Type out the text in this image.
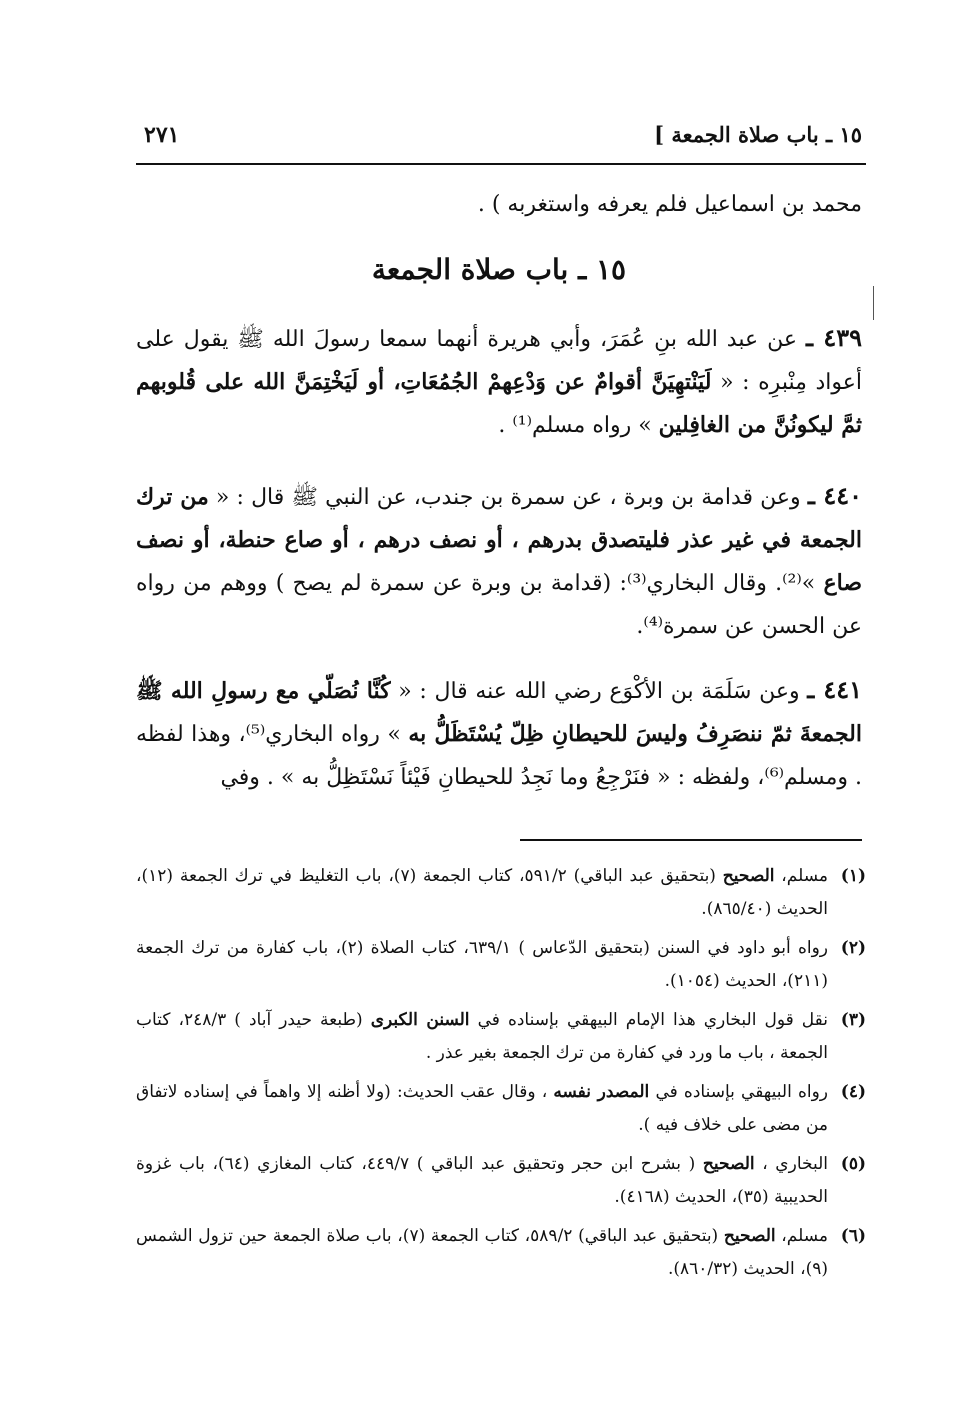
١٥ ـ باب صلاة الجمعة ]
٢٧١
محمد بن اسماعيل فلم يعرفه واستغربه ) .
١٥ ـ باب صلاة الجمعة

٤٣٩ ـ عن عبد الله بنِ عُمَرَ، وأبي هريرة أنهما سمعا رسولَ الله ﷺ يقول على أعواد مِنْبرِه : « لَيَنْتهِيَنَّ أقوامٌ عن وَدْعِهمْ الجُمُعَاتِ، أو لَيَخْتِمَنَّ الله على قُلوبهم ثمَّ ليكونُنَّ من الغافِلين » رواه مسلم⁽¹⁾ .

٤٤٠ ـ وعن قدامة بن وبرة ، عن سمرة بن جندب، عن النبي ﷺ قال : « من ترك الجمعة في غير عذر فليتصدق بدرهم ، أو نصف درهم ، أو صاع حنطة، أو نصف صاع »⁽²⁾. وقال البخاري⁽³⁾: (قدامة بن وبرة عن سمرة لم يصح ) ووهم من رواه عن الحسن عن سمرة⁽⁴⁾.

٤٤١ ـ وعن سَلَمَة بن الأكْوَع رضي الله عنه قال : « كُنَّا نُصَلّي مع رسولِ الله ﷺ الجمعةَ ثمّ ننصَرِفُ وليسَ للحيطانِ ظِلّ يُسْتَظَلُّ به » رواه البخاري⁽⁵⁾، وهذا لفظه . ومسلم⁽⁶⁾، ولفظه : « فنَرْجِعُ وما نَجِدُ للحيطانِ فَيْئاً نَسْتَظِلُّ به » . وفي

(١)
مسلم، الصحيح (بتحقيق عبد الباقي) ٥٩١/٢، كتاب الجمعة (٧)، باب التغليظ في ترك الجمعة (١٢)، الحديث (٨٦٥/٤٠).
(٢)
رواه أبو داود في السنن (بتحقيق الدّعاس ) ٦٣٩/١، كتاب الصلاة (٢)، باب كفارة من ترك الجمعة (٢١١)، الحديث (١٠٥٤).
(٣)
نقل قول البخاري هذا الإمام البيهقي بإسناده في السنن الكبرى (طبعة حيدر آباد ) ٢٤٨/٣، كتاب الجمعة ، باب ما ورد في كفارة من ترك الجمعة بغير عذر .
(٤)
رواه البيهقي بإسناده في المصدر نفسه ، وقال عقب الحديث: (ولا أظنه إلا واهماً في إسناده لاتفاق من مضى على خلاف فيه ).
(٥)
البخاري ، الصحيح ( بشرح ابن حجر وتحقيق عبد الباقي ) ٤٤٩/٧، كتاب المغازي (٦٤)، باب غزوة الحديبية (٣٥)، الحديث (٤١٦٨).
(٦)
مسلم، الصحيح (بتحقيق عبد الباقي) ٥٨٩/٢، كتاب الجمعة (٧)، باب صلاة الجمعة حين تزول الشمس (٩)، الحديث (٨٦٠/٣٢).
